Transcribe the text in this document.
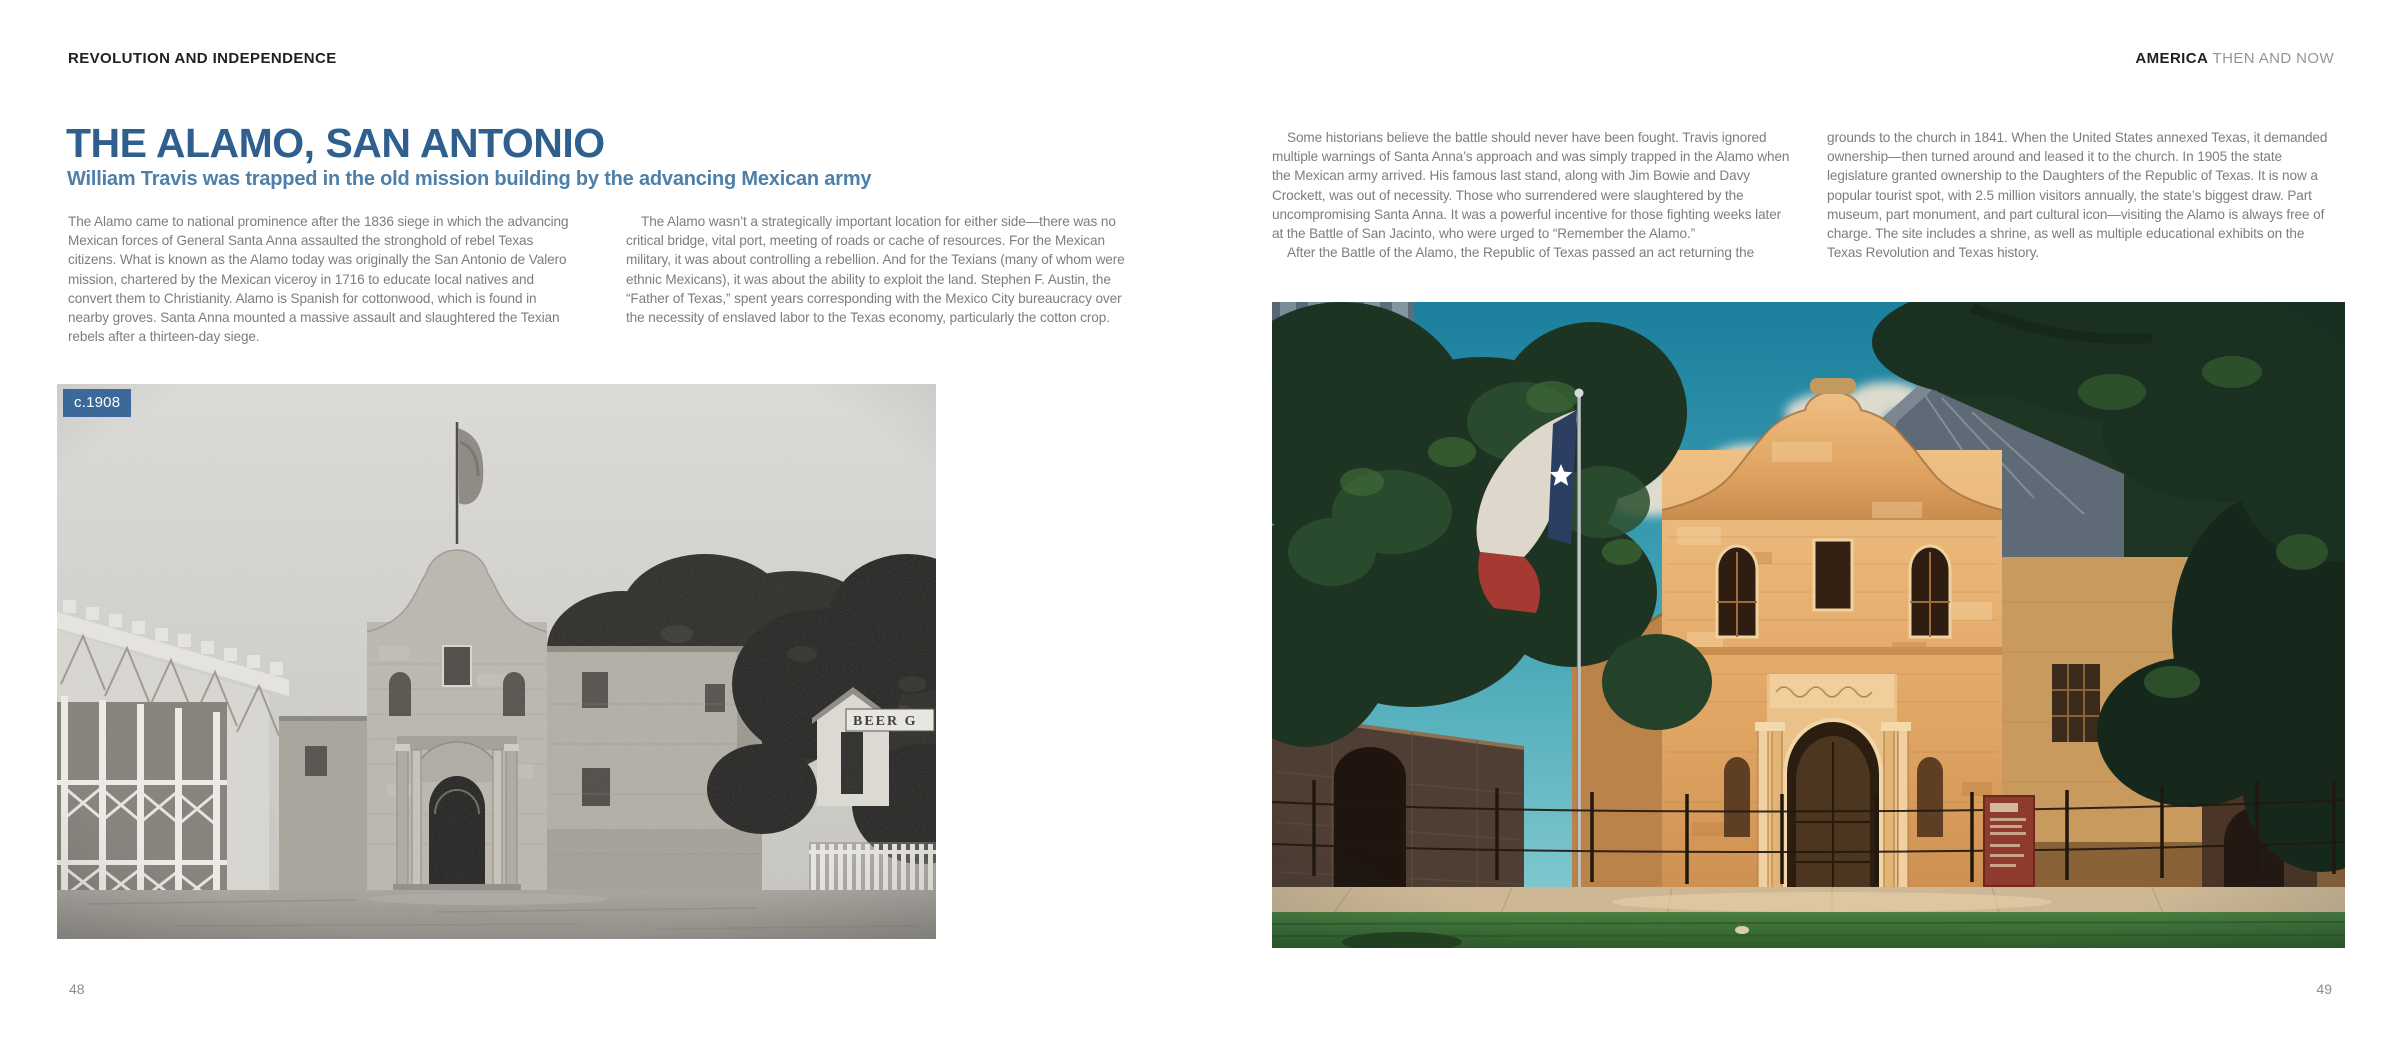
REVOLUTION AND INDEPENDENCE	AMERICA THEN AND NOW
THE ALAMO, SAN ANTONIO
William Travis was trapped in the old mission building by the advancing Mexican army

The Alamo came to national prominence after the 1836 siege in which the advancing Mexican forces of General Santa Anna assaulted the stronghold of rebel Texas citizens. What is known as the Alamo today was originally the San Antonio de Valero mission, chartered by the Mexican viceroy in 1716 to educate local natives and convert them to Christianity. Alamo is Spanish for cottonwood, which is found in nearby groves. Santa Anna mounted a massive assault and slaughtered the Texian rebels after a thirteen-day siege.

The Alamo wasn’t a strategically important location for either side—there was no critical bridge, vital port, meeting of roads or cache of resources. For the Mexican military, it was about controlling a rebellion. And for the Texians (many of whom were ethnic Mexicans), it was about the ability to exploit the land. Stephen F. Austin, the “Father of Texas,” spent years corresponding with the Mexico City bureaucracy over the necessity of enslaved labor to the Texas economy, particularly the cotton crop.

Some historians believe the battle should never have been fought. Travis ignored multiple warnings of Santa Anna’s approach and was simply trapped in the Alamo when the Mexican army arrived. His famous last stand, along with Jim Bowie and Davy Crockett, was out of necessity. Those who surrendered were slaughtered by the uncompromising Santa Anna. It was a powerful incentive for those fighting weeks later at the Battle of San Jacinto, who were urged to “Remember the Alamo.”

After the Battle of the Alamo, the Republic of Texas passed an act returning the

grounds to the church in 1841. When the United States annexed Texas, it demanded ownership—then turned around and leased it to the church. In 1905 the state legislature granted ownership to the Daughters of the Republic of Texas. It is now a popular tourist spot, with 2.5 million visitors annually, the state’s biggest draw. Part museum, part monument, and part cultural icon—visiting the Alamo is always free of charge. The site includes a shrine, as well as multiple educational exhibits on the Texas Revolution and Texas history.

c.1908
48	49
